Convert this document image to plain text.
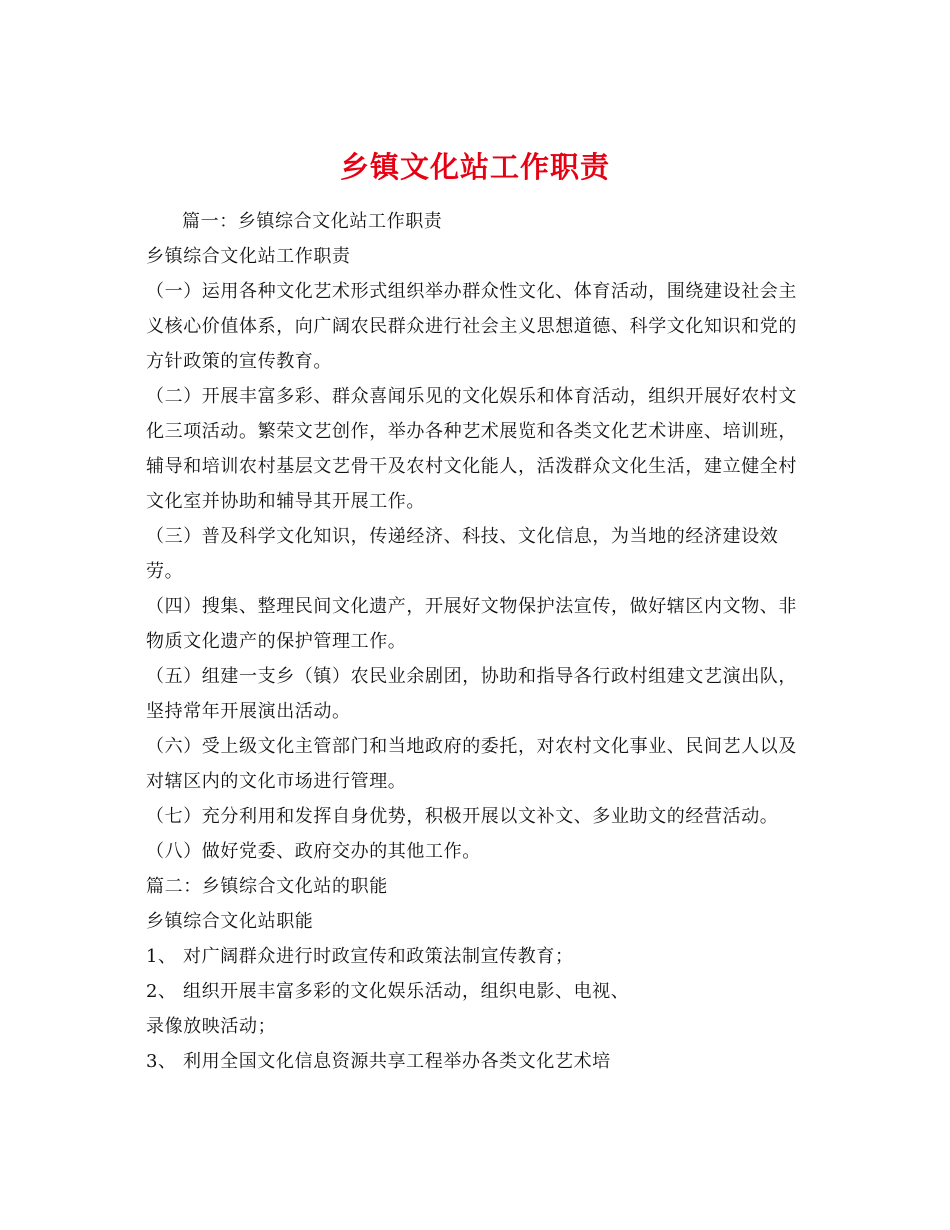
乡镇文化站工作职责

篇一：乡镇综合文化站工作职责

乡镇综合文化站工作职责

（一）运用各种文化艺术形式组织举办群众性文化、体育活动，围绕建设社会主

义核心价值体系，向广阔农民群众进行社会主义思想道德、科学文化知识和党的

方针政策的宣传教育。

（二）开展丰富多彩、群众喜闻乐见的文化娱乐和体育活动，组织开展好农村文

化三项活动。繁荣文艺创作，举办各种艺术展览和各类文化艺术讲座、培训班，

辅导和培训农村基层文艺骨干及农村文化能人，活泼群众文化生活，建立健全村

文化室并协助和辅导其开展工作。

（三）普及科学文化知识，传递经济、科技、文化信息，为当地的经济建设效

劳。

（四）搜集、整理民间文化遗产，开展好文物保护法宣传，做好辖区内文物、非

物质文化遗产的保护管理工作。

（五）组建一支乡（镇）农民业余剧团，协助和指导各行政村组建文艺演出队，

坚持常年开展演出活动。

（六）受上级文化主管部门和当地政府的委托，对农村文化事业、民间艺人以及

对辖区内的文化市场进行管理。

（七）充分利用和发挥自身优势，积极开展以文补文、多业助文的经营活动。

（八）做好党委、政府交办的其他工作。

篇二：乡镇综合文化站的职能

乡镇综合文化站职能

1、 对广阔群众进行时政宣传和政策法制宣传教育；

2、 组织开展丰富多彩的文化娱乐活动，组织电影、电视、

录像放映活动；

3、 利用全国文化信息资源共享工程举办各类文化艺术培
